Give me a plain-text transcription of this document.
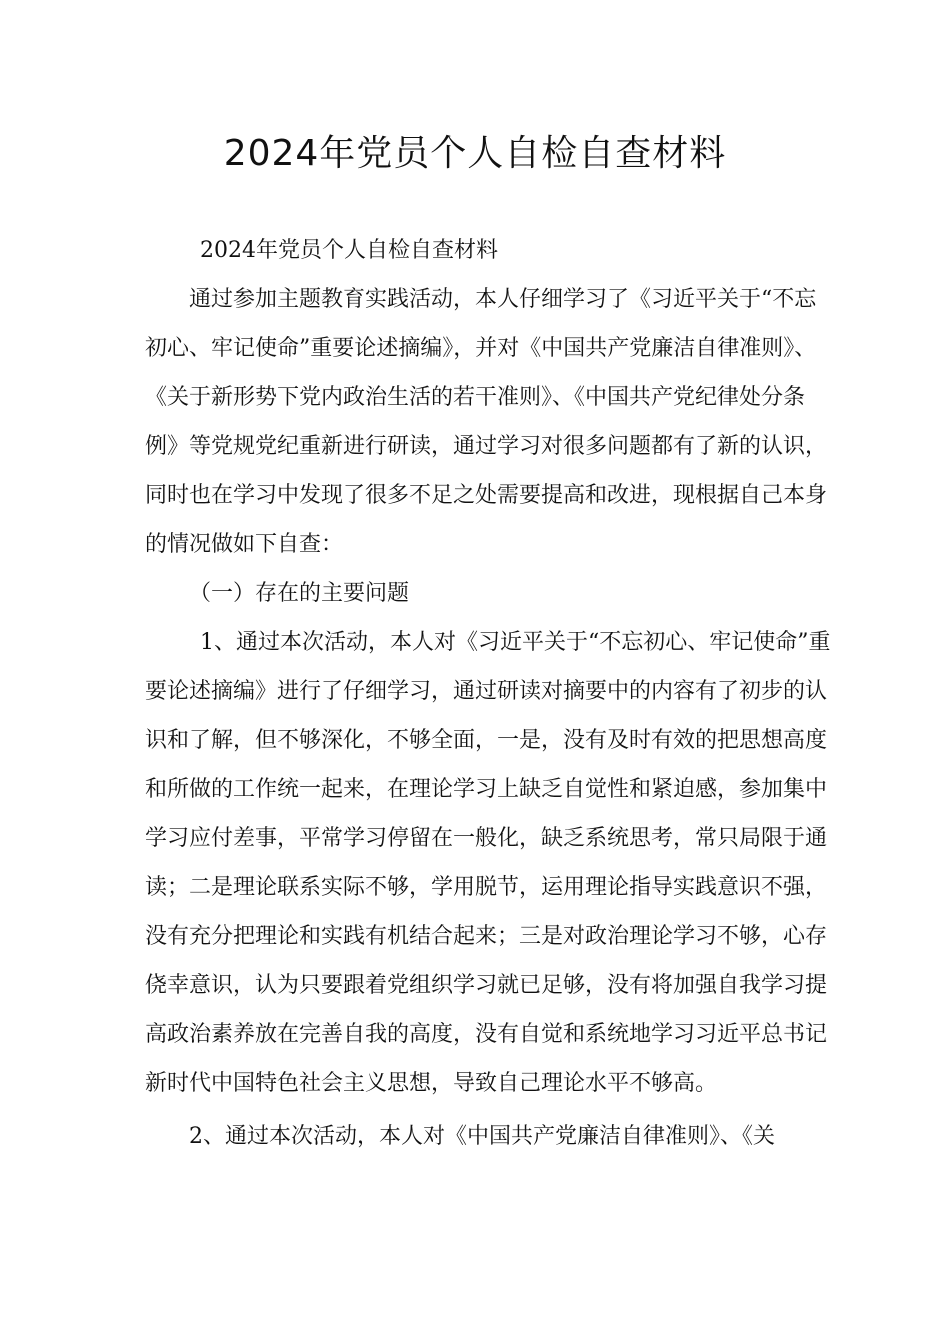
2024年党员个人自检自查材料

2024年党员个人自检自查材料

通过参加主题教育实践活动，本人仔细学习了《习近平关于“不忘初心、牢记使命”重要论述摘编》，并对《中国共产党廉洁自律准则》、《关于新形势下党内政治生活的若干准则》、《中国共产党纪律处分条例》等党规党纪重新进行研读，通过学习对很多问题都有了新的认识，同时也在学习中发现了很多不足之处需要提高和改进，现根据自己本身的情况做如下自查：

（一）存在的主要问题

1、通过本次活动，本人对《习近平关于“不忘初心、牢记使命”重要论述摘编》进行了仔细学习，通过研读对摘要中的内容有了初步的认识和了解，但不够深化，不够全面，一是，没有及时有效的把思想高度和所做的工作统一起来，在理论学习上缺乏自觉性和紧迫感，参加集中学习应付差事，平常学习停留在一般化，缺乏系统思考，常只局限于通读；二是理论联系实际不够，学用脱节，运用理论指导实践意识不强，没有充分把理论和实践有机结合起来；三是对政治理论学习不够，心存侥幸意识，认为只要跟着党组织学习就已足够，没有将加强自我学习提高政治素养放在完善自我的高度，没有自觉和系统地学习习近平总书记新时代中国特色社会主义思想，导致自己理论水平不够高。

2、通过本次活动，本人对《中国共产党廉洁自律准则》、《关
